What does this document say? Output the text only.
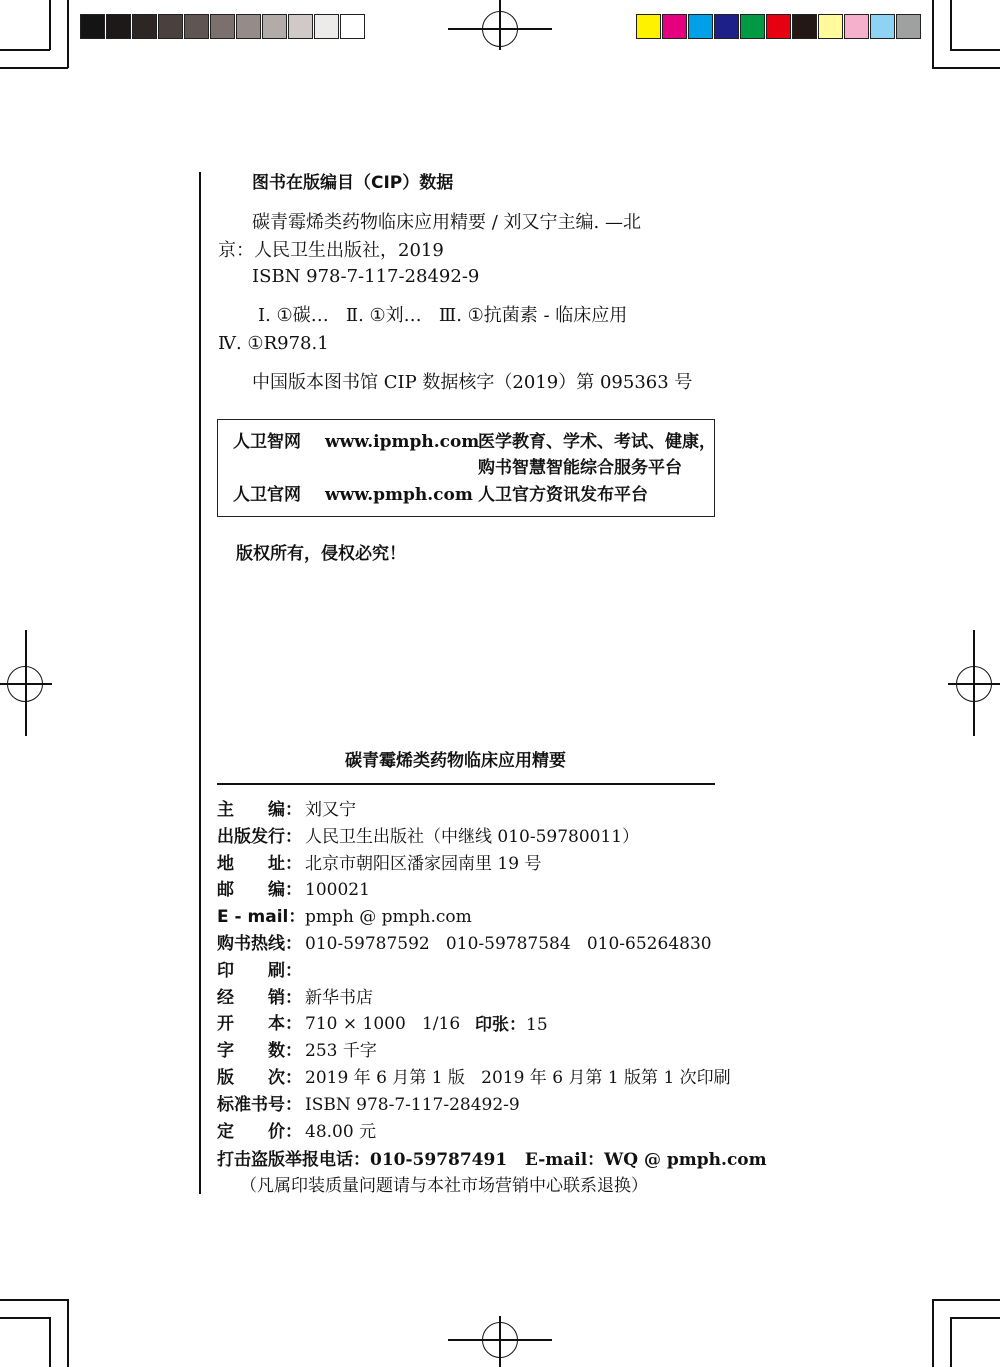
图书在版编目（CIP）数据
碳青霉烯类药物临床应用精要 / 刘又宁主编. —北
京：人民卫生出版社，2019
ISBN 978-7-117-28492-9
Ⅰ. ①碳…   Ⅱ. ①刘…   Ⅲ. ①抗菌素 - 临床应用
Ⅳ. ①R978.1
中国版本图书馆 CIP 数据核字（2019）第 095363 号
人卫智网 www.ipmph.com
医学教育、学术、考试、健康，
购书智慧智能综合服务平台
人卫官网 www.pmph.com 人卫官方资讯发布平台
版权所有，侵权必究！
碳青霉烯类药物临床应用精要
主　　编： 刘又宁
出版发行： 人民卫生出版社（中继线 010-59780011）
地　　址： 北京市朝阳区潘家园南里 19 号
邮　　编： 100021
E - mail：pmph @ pmph.com
购书热线： 010-59787592   010-59787584   010-65264830
印　　刷：
经　　销： 新华书店
开　　本： 710 × 1000   1/16
字　　数： 253 千字
版　　次： 2019 年 6 月第 1 版   2019 年 6 月第 1 版第 1 次印刷
标准书号： ISBN 978-7-117-28492-9
定　　价： 48.00 元
印张：15
打击盗版举报电话：010-59787491   E-mail：WQ @ pmph.com
（凡属印装质量问题请与本社市场营销中心联系退换）
